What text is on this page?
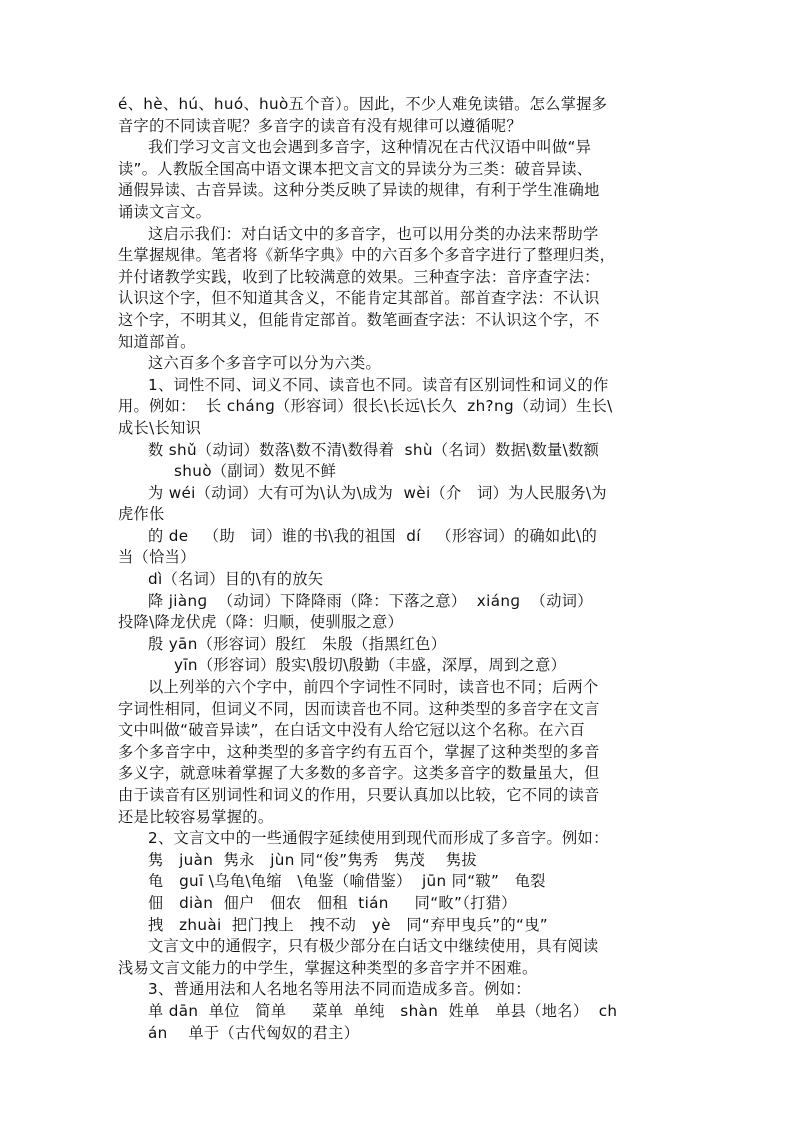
é、hè、hú、huó、huò五个音）。因此，不少人难免读错。怎么掌握多
音字的不同读音呢？多音字的读音有没有规律可以遵循呢？
我们学习文言文也会遇到多音字，这种情况在古代汉语中叫做“异
读”。人教版全国高中语文课本把文言文的异读分为三类：破音异读、
通假异读、古音异读。这种分类反映了异读的规律，有利于学生准确地
诵读文言文。
这启示我们：对白话文中的多音字，也可以用分类的办法来帮助学
生掌握规律。笔者将《新华字典》中的六百多个多音字进行了整理归类，
并付诸教学实践，收到了比较满意的效果。三种查字法：音序查字法：
认识这个字，但不知道其含义，不能肯定其部首。部首查字法：不认识
这个字，不明其义，但能肯定部首。数笔画查字法：不认识这个字，不
知道部首。
这六百多个多音字可以分为六类。
1、词性不同、词义不同、读音也不同。读音有区别词性和词义的作
用。例如：  长 chánɡ（形容词）很长\长远\长久  zh?ng（动词）生长\
成长\长知识
数 shǔ（动词）数落\数不清\数得着  shù（名词）数据\数量\数额
shuò（副词）数见不鲜
为 wéi（动词）大有可为\认为\成为  wèi（介   词）为人民服务\为
虎作伥
的 de   （助   词）谁的书\我的祖国  dí   （形容词）的确如此\的
当（恰当）
dì（名词）目的\有的放矢
降 jiànɡ  （动词）下降降雨（降：下落之意）  xiánɡ  （动词）
投降\降龙伏虎（降：归顺，使驯服之意）
殷 yān（形容词）殷红   朱殷（指黑红色）
yīn（形容词）殷实\殷切\殷勤（丰盛，深厚，周到之意）
以上列举的六个字中，前四个字词性不同时，读音也不同；后两个
字词性相同，但词义不同，因而读音也不同。这种类型的多音字在文言
文中叫做“破音异读”，在白话文中没有人给它冠以这个名称。在六百
多个多音字中，这种类型的多音字约有五百个，掌握了这种类型的多音
多义字，就意味着掌握了大多数的多音字。这类多音字的数量虽大，但
由于读音有区别词性和词义的作用，只要认真加以比较，它不同的读音
还是比较容易掌握的。
2、文言文中的一些通假字延续使用到现代而形成了多音字。例如：
隽   juàn  隽永   jùn 同“俊”隽秀   隽茂    隽拔
龟   guī \乌龟\龟缩   \龟鉴（喻借鉴）  jūn 同“皲”   龟裂
佃   diàn  佃户   佃农   佃租  tián     同“畋”（打猎）
拽   zhuài  把门拽上   拽不动   yè   同“弃甲曳兵”的“曳”
文言文中的通假字，只有极少部分在白话文中继续使用，具有阅读
浅易文言文能力的中学生，掌握这种类型的多音字并不困难。
3、普通用法和人名地名等用法不同而造成多音。例如：
单 dān  单位   简单     菜单  单纯   shàn  姓单   单县（地名）  ch
án    单于（古代匈奴的君主）
